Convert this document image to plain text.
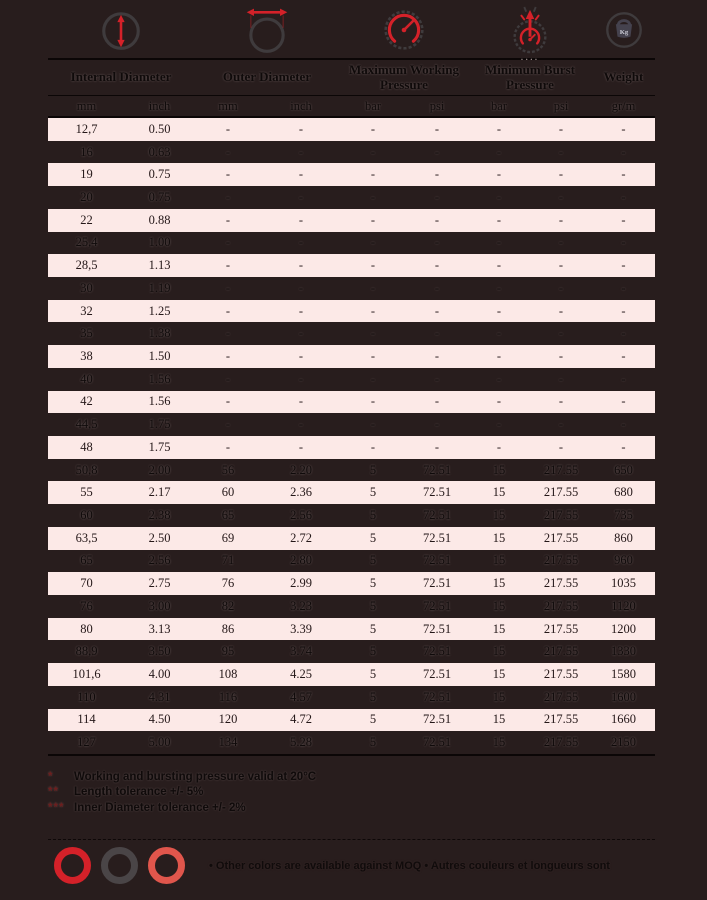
Kg
Internal Diameter	Outer Diameter	Maximum Working Pressure
····
Minimum Burst Pressure	Weight
mm	inch	mm	inch	bar	psi	bar	psi	gr/m
12,7	0.50	-	-	-	-	-	-	-
16	0.63	-	-	-	-	-	-	-
19	0.75	-	-	-	-	-	-	-
20	0.75	-	-	-	-	-	-	-
22	0.88	-	-	-	-	-	-	-
25,4	1.00	-	-	-	-	-	-	-
28,5	1.13	-	-	-	-	-	-	-
30	1.19	-	-	-	-	-	-	-
32	1.25	-	-	-	-	-	-	-
35	1.38	-	-	-	-	-	-	-
38	1.50	-	-	-	-	-	-	-
40	1.56	-	-	-	-	-	-	-
42	1.56	-	-	-	-	-	-	-
44,5	1.75	-	-	-	-	-	-	-
48	1.75	-	-	-	-	-	-	-
50,8	2.00	56	2.20	5	72.51	15	217.55	650
55	2.17	60	2.36	5	72.51	15	217.55	680
60	2.38	65	2.56	5	72.51	15	217.55	735
63,5	2.50	69	2.72	5	72.51	15	217.55	860
65	2.56	71	2.80	5	72.51	15	217.55	960
70	2.75	76	2.99	5	72.51	15	217.55	1035
76	3.00	82	3.23	5	72.51	15	217.55	1120
80	3.13	86	3.39	5	72.51	15	217.55	1200
88,9	3.50	95	3.74	5	72.51	15	217.55	1330
101,6	4.00	108	4.25	5	72.51	15	217.55	1580
110	4.31	116	4.57	5	72.51	15	217.55	1600
114	4.50	120	4.72	5	72.51	15	217.55	1660
127	5.00	134	5.28	5	72.51	15	217.55	2150
*	Working and bursting pressure valid at 20°C
**	Length tolerance +/- 5%
*** Inner Diameter tolerance +/- 2%
• Other colors are available against MOQ • Autres couleurs et longueurs sont
